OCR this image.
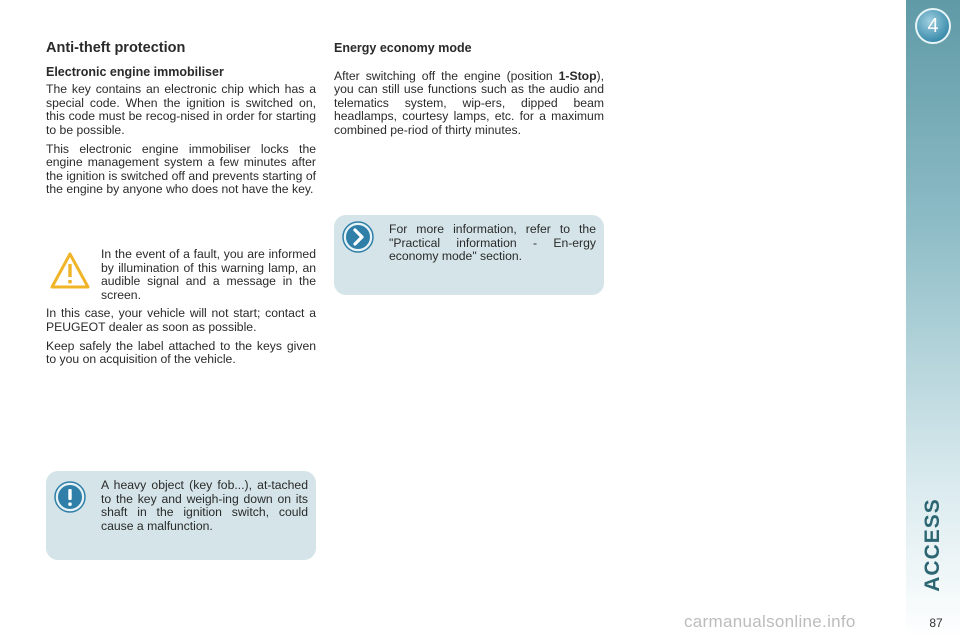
4
ACCESS
87
Anti-theft protection
Electronic engine immobiliser

The key contains an electronic chip which has a special code. When the ignition is switched on, this code must be recog-nised in order for starting to be possible.

This electronic engine immobiliser locks the engine management system a few minutes after the ignition is switched off and prevents starting of the engine by anyone who does not have the key.

In the event of a fault, you are informed by illumination of this warning lamp, an audible signal and a message in the screen.

In this case, your vehicle will not start; contact a PEUGEOT dealer as soon as possible.

Keep safely the label attached to the keys given to you on acquisition of the vehicle.

A heavy object (key fob...), at-tached to the key and weigh-ing down on its shaft in the ignition switch, could cause a malfunction.
Energy economy mode

After switching off the engine (position 1-Stop), you can still use functions such as the audio and telematics system, wip-ers, dipped beam headlamps, courtesy lamps, etc. for a maximum combined pe-riod of thirty minutes.

For more information, refer to the "Practical information - En-ergy economy mode" section.
carmanualsonline.info
